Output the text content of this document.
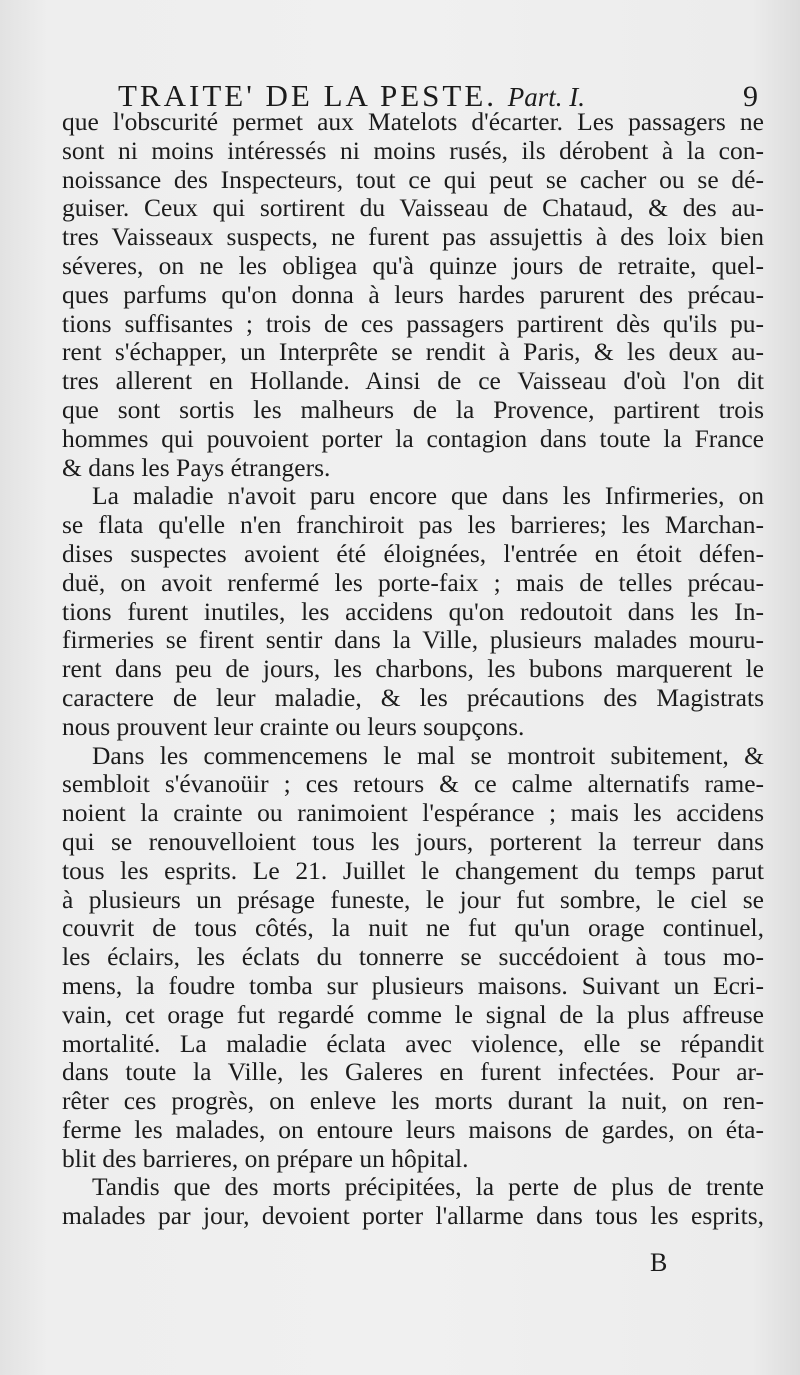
TRAITE' DE LA PESTE. Part. I.	9
que l'obscurité permet aux Matelots d'écarter. Les passagers ne
sont ni moins intéressés ni moins rusés, ils dérobent à la con-
noissance des Inspecteurs, tout ce qui peut se cacher ou se dé-
guiser. Ceux qui sortirent du Vaisseau de Chataud, & des au-
tres Vaisseaux suspects, ne furent pas assujettis à des loix bien
séveres, on ne les obligea qu'à quinze jours de retraite, quel-
ques parfums qu'on donna à leurs hardes parurent des précau-
tions suffisantes ; trois de ces passagers partirent dès qu'ils pu-
rent s'échapper, un Interprête se rendit à Paris, & les deux au-
tres allerent en Hollande. Ainsi de ce Vaisseau d'où l'on dit
que sont sortis les malheurs de la Provence, partirent trois
hommes qui pouvoient porter la contagion dans toute la France
& dans les Pays étrangers.
La maladie n'avoit paru encore que dans les Infirmeries, on
se flata qu'elle n'en franchiroit pas les barrieres; les Marchan-
dises suspectes avoient été éloignées, l'entrée en étoit défen-
duë, on avoit renfermé les porte-faix ; mais de telles précau-
tions furent inutiles, les accidens qu'on redoutoit dans les In-
firmeries se firent sentir dans la Ville, plusieurs malades mouru-
rent dans peu de jours, les charbons, les bubons marquerent le
caractere de leur maladie, & les précautions des Magistrats
nous prouvent leur crainte ou leurs soupçons.
Dans les commencemens le mal se montroit subitement, &
sembloit s'évanoüir ; ces retours & ce calme alternatifs rame-
noient la crainte ou ranimoient l'espérance ; mais les accidens
qui se renouvelloient tous les jours, porterent la terreur dans
tous les esprits. Le 21. Juillet le changement du temps parut
à plusieurs un présage funeste, le jour fut sombre, le ciel se
couvrit de tous côtés, la nuit ne fut qu'un orage continuel,
les éclairs, les éclats du tonnerre se succédoient à tous mo-
mens, la foudre tomba sur plusieurs maisons. Suivant un Ecri-
vain, cet orage fut regardé comme le signal de la plus affreuse
mortalité. La maladie éclata avec violence, elle se répandit
dans toute la Ville, les Galeres en furent infectées. Pour ar-
rêter ces progrès, on enleve les morts durant la nuit, on ren-
ferme les malades, on entoure leurs maisons de gardes, on éta-
blit des barrieres, on prépare un hôpital.
Tandis que des morts précipitées, la perte de plus de trente
malades par jour, devoient porter l'allarme dans tous les esprits,
B
